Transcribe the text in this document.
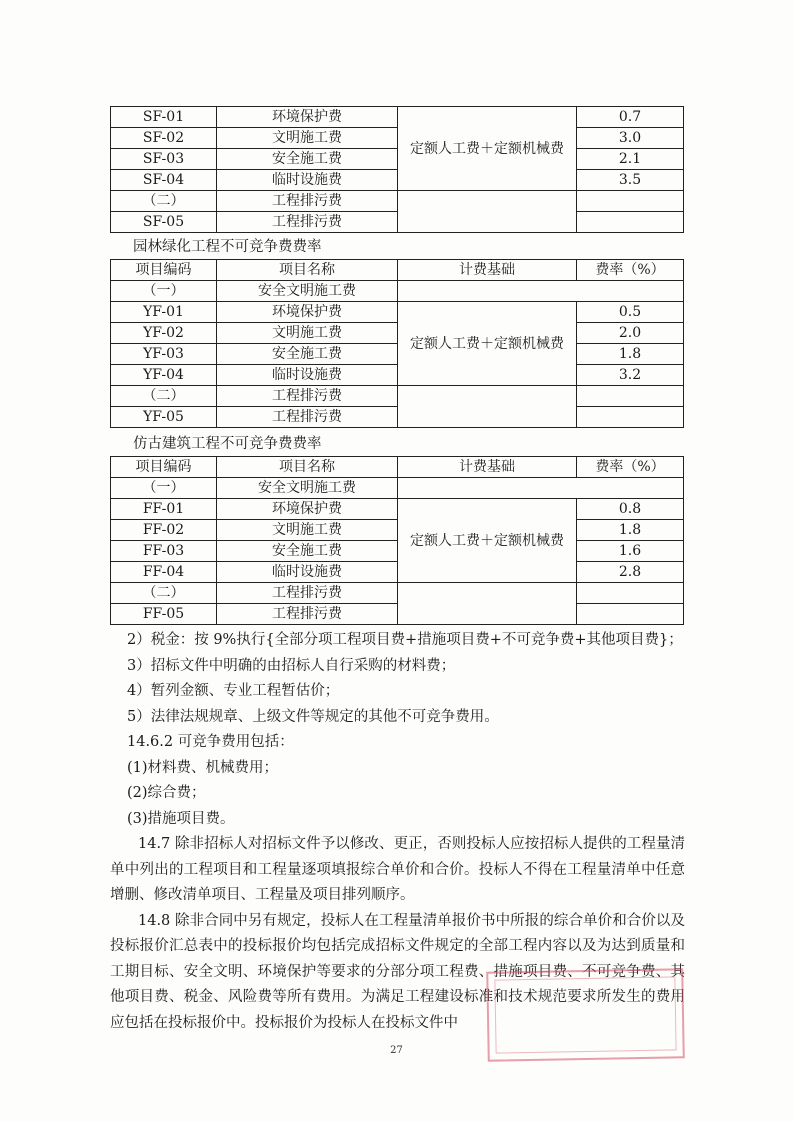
SF-01	环境保护费	定额人工费＋定额机械费	0.7
SF-02	文明施工费		3.0
SF-03	安全施工费		2.1
SF-04	临时设施费		3.5
（二）	工程排污费		
SF-05	工程排污费		
园林绿化工程不可竞争费费率
项目编码	项目名称	计费基础	费率（%）
（一）	安全文明施工费		
YF-01	环境保护费	定额人工费＋定额机械费	0.5
YF-02	文明施工费		2.0
YF-03	安全施工费		1.8
YF-04	临时设施费		3.2
（二）	工程排污费		
YF-05	工程排污费		
仿古建筑工程不可竞争费费率
项目编码	项目名称	计费基础	费率（%）
（一）	安全文明施工费		
FF-01	环境保护费	定额人工费＋定额机械费	0.8
FF-02	文明施工费		1.8
FF-03	安全施工费		1.6
FF-04	临时设施费		2.8
（二）	工程排污费		
FF-05	工程排污费		

2）税金：按 9%执行{全部分项工程项目费+措施项目费+不可竞争费+其他项目费}；

3）招标文件中明确的由招标人自行采购的材料费；

4）暂列金额、专业工程暂估价；

5）法律法规规章、上级文件等规定的其他不可竞争费用。

14.6.2 可竞争费用包括：

(1)材料费、机械费用；

(2)综合费；

(3)措施项目费。

14.7 除非招标人对招标文件予以修改、更正，否则投标人应按招标人提供的工程量清单中列出的工程项目和工程量逐项填报综合单价和合价。投标人不得在工程量清单中任意增删、修改清单项目、工程量及项目排列顺序。

14.8 除非合同中另有规定，投标人在工程量清单报价书中所报的综合单价和合价以及投标报价汇总表中的投标报价均包括完成招标文件规定的全部工程内容以及为达到质量和工期目标、安全文明、环境保护等要求的分部分项工程费、措施项目费、不可竞争费、其他项目费、税金、风险费等所有费用。为满足工程建设标准和技术规范要求所发生的费用应包括在投标报价中。投标报价为投标人在投标文件中

27
